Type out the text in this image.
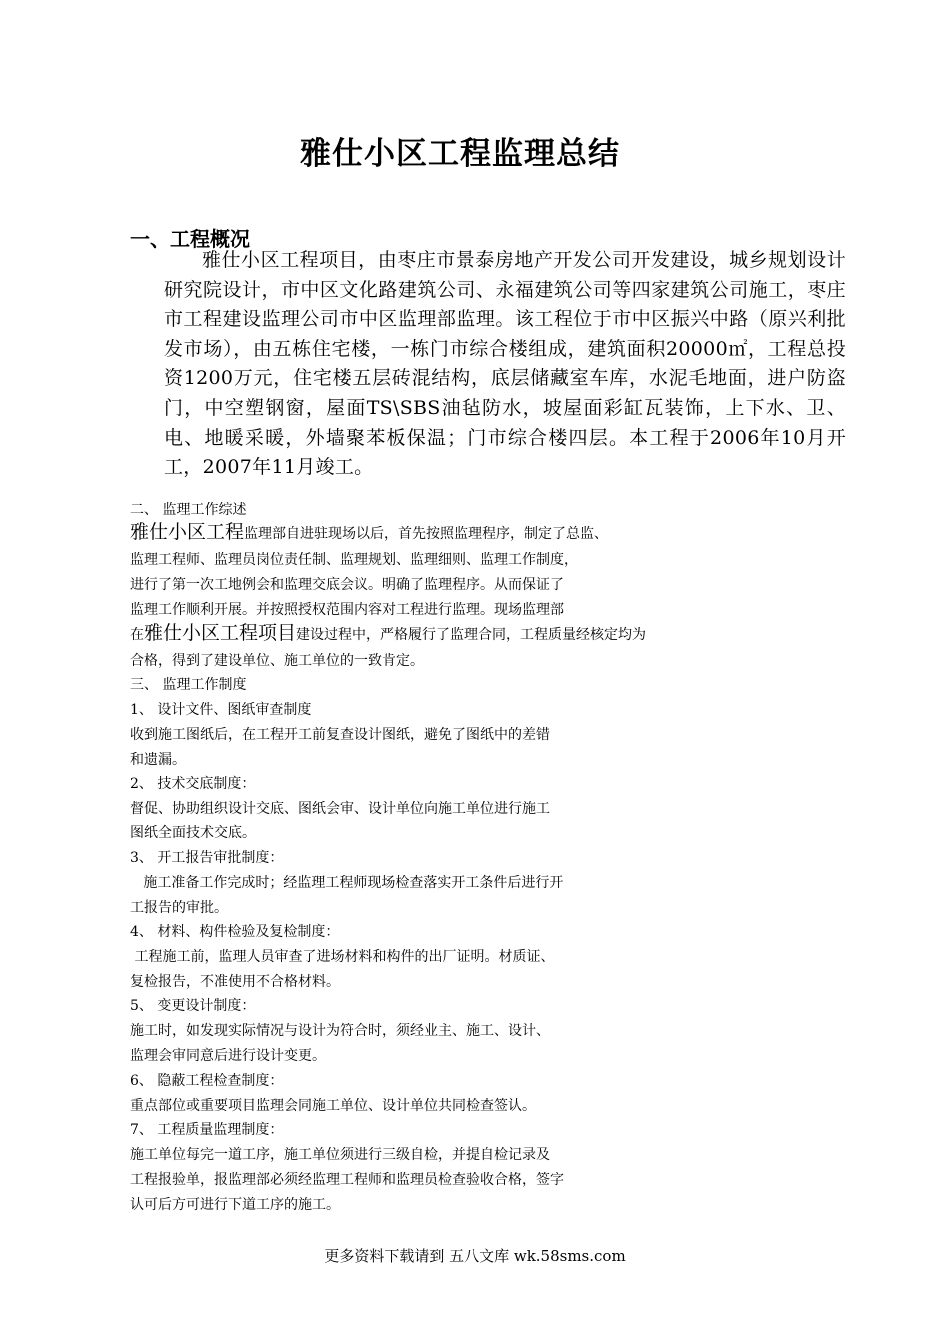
雅仕小区工程监理总结
一、工程概况
雅仕小区工程项目，由枣庄市景泰房地产开发公司开发建设，城乡规划设计研究院设计，市中区文化路建筑公司、永福建筑公司等四家建筑公司施工，枣庄市工程建设监理公司市中区监理部监理。该工程位于市中区振兴中路（原兴利批发市场），由五栋住宅楼，一栋门市综合楼组成，建筑面积20000㎡，工程总投资1200万元，住宅楼五层砖混结构，底层储藏室车库，水泥毛地面，进户防盗门，中空塑钢窗，屋面TS\SBS油毡防水，坡屋面彩缸瓦装饰，上下水、卫、电、地暖采暖，外墙聚苯板保温；门市综合楼四层。本工程于2006年10月开工，2007年11月竣工。
二、 监理工作综述
雅仕小区工程监理部自进驻现场以后，首先按照监理程序，制定了总监、
监理工程师、监理员岗位责任制、监理规划、监理细则、监理工作制度，
进行了第一次工地例会和监理交底会议。明确了监理程序。从而保证了
监理工作顺利开展。并按照授权范围内容对工程进行监理。现场监理部
在雅仕小区工程项目建设过程中，严格履行了监理合同，工程质量经核定均为
合格，得到了建设单位、施工单位的一致肯定。
三、 监理工作制度
1、 设计文件、图纸审查制度
收到施工图纸后，在工程开工前复查设计图纸，避免了图纸中的差错
和遗漏。
2、 技术交底制度：
督促、协助组织设计交底、图纸会审、设计单位向施工单位进行施工
图纸全面技术交底。
3、 开工报告审批制度：
施工准备工作完成时；经监理工程师现场检查落实开工条件后进行开
工报告的审批。
4、 材料、构件检验及复检制度：
工程施工前，监理人员审查了进场材料和构件的出厂证明。材质证、
复检报告，不准使用不合格材料。
5、 变更设计制度：
施工时，如发现实际情况与设计为符合时，须经业主、施工、设计、
监理会审同意后进行设计变更。
6、 隐蔽工程检查制度：
重点部位或重要项目监理会同施工单位、设计单位共同检查签认。
7、 工程质量监理制度：
施工单位每完一道工序，施工单位须进行三级自检，并提自检记录及
工程报验单，报监理部必须经监理工程师和监理员检查验收合格，签字
认可后方可进行下道工序的施工。
更多资料下载请到 五八文库 wk.58sms.com
